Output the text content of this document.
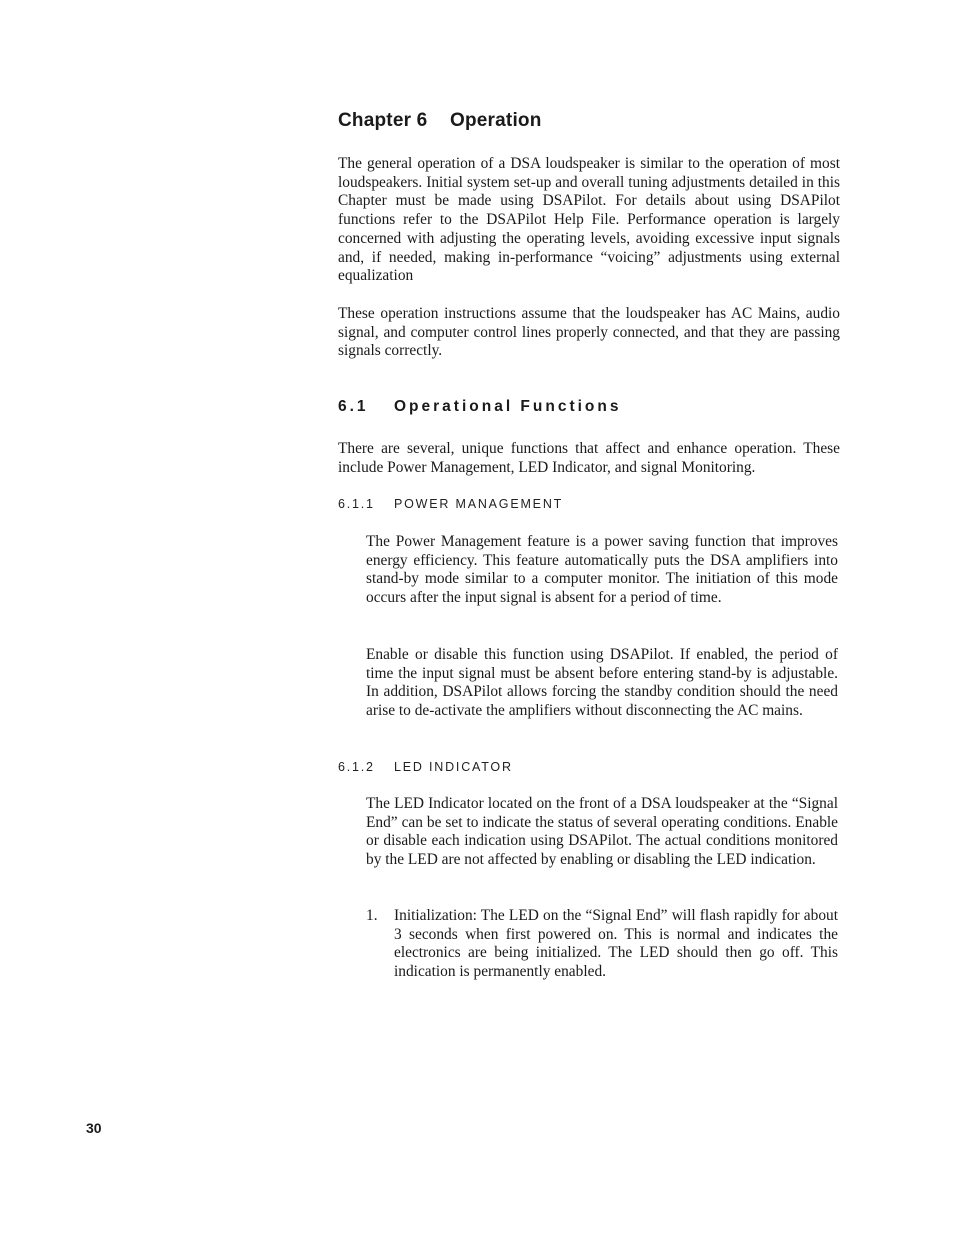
Chapter 6 Operation

The general operation of a DSA loudspeaker is similar to the operation of most loudspeakers. Initial system set-up and overall tuning adjustments detailed in this Chapter must be made using DSAPilot. For details about using DSAPilot functions refer to the DSAPilot Help File. Performance operation is largely concerned with adjusting the operating levels, avoiding excessive input signals and, if needed, making in-performance “voicing” adjustments using external equalization

These operation instructions assume that the loudspeaker has AC Mains, audio signal, and computer control lines properly connected, and that they are passing signals correctly.

6.1 Operational Functions

There are several, unique functions that affect and enhance operation. These include Power Management, LED Indicator, and signal Monitoring.

6.1.1 POWER MANAGEMENT

The Power Management feature is a power saving function that improves energy efficiency. This feature automatically puts the DSA amplifiers into stand-by mode similar to a computer monitor. The initiation of this mode occurs after the input signal is absent for a period of time.

Enable or disable this function using DSAPilot. If enabled, the period of time the input signal must be absent before entering stand-by is adjustable. In addition, DSAPilot allows forcing the standby condition should the need arise to de-activate the amplifiers without disconnecting the AC mains.

6.1.2 LED INDICATOR

The LED Indicator located on the front of a DSA loudspeaker at the “Signal End” can be set to indicate the status of several operating conditions. Enable or disable each indication using DSAPilot. The actual conditions monitored by the LED are not affected by enabling or disabling the LED indication.

1. Initialization: The LED on the “Signal End” will flash rapidly for about 3 seconds when first powered on. This is normal and indicates the electronics are being initialized. The LED should then go off. This indication is permanently enabled.

30
